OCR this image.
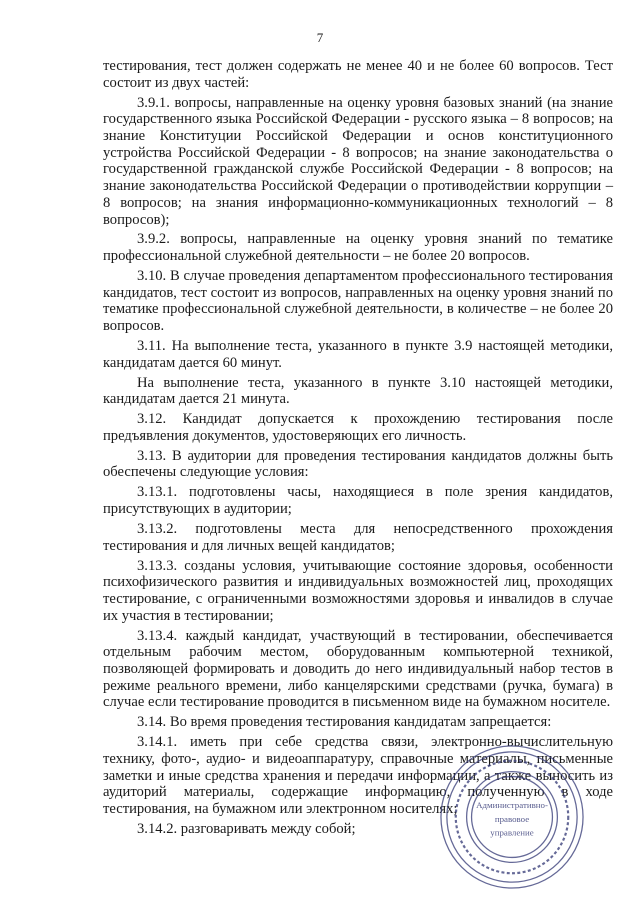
7

тестирования, тест должен содержать не менее 40 и не более 60 вопросов. Тест состоит из двух частей:

3.9.1. вопросы, направленные на оценку уровня базовых знаний (на знание государственного языка Российской Федерации - русского языка – 8 вопросов; на знание Конституции Российской Федерации и основ конституционного устройства Российской Федерации - 8 вопросов; на знание законодательства о государственной гражданской службе Российской Федерации - 8 вопросов; на знание законодательства Российской Федерации о противодействии коррупции – 8 вопросов; на знания информационно-коммуникационных технологий – 8 вопросов);

3.9.2. вопросы, направленные на оценку уровня знаний по тематике профессиональной служебной деятельности – не более 20 вопросов.

3.10. В случае проведения департаментом профессионального тестирования кандидатов, тест состоит из вопросов, направленных на оценку уровня знаний по тематике профессиональной служебной деятельности, в количестве – не более 20 вопросов.

3.11. На выполнение теста, указанного в пункте 3.9 настоящей методики, кандидатам дается 60 минут.

На выполнение теста, указанного в пункте 3.10 настоящей методики, кандидатам дается 21 минута.

3.12. Кандидат допускается к прохождению тестирования после предъявления документов, удостоверяющих его личность.

3.13. В аудитории для проведения тестирования кандидатов должны быть обеспечены следующие условия:

3.13.1. подготовлены часы, находящиеся в поле зрения кандидатов, присутствующих в аудитории;

3.13.2. подготовлены места для непосредственного прохождения тестирования и для личных вещей кандидатов;

3.13.3. созданы условия, учитывающие состояние здоровья, особенности психофизического развития и индивидуальных возможностей лиц, проходящих тестирование, с ограниченными возможностями здоровья и инвалидов в случае их участия в тестировании;

3.13.4. каждый кандидат, участвующий в тестировании, обеспечивается отдельным рабочим местом, оборудованным компьютерной техникой, позволяющей формировать и доводить до него индивидуальный набор тестов в режиме реального времени, либо канцелярскими средствами (ручка, бумага) в случае если тестирование проводится в письменном виде на бумажном носителе.

3.14. Во время проведения тестирования кандидатам запрещается:

3.14.1. иметь при себе средства связи, электронно-вычислительную технику, фото-, аудио- и видеоаппаратуру, справочные материалы, письменные заметки и иные средства хранения и передачи информации, а также выносить из аудиторий материалы, содержащие информацию, полученную в ходе тестирования, на бумажном или электронном носителях;

3.14.2. разговаривать между собой;

Административно-
правовое
управление
